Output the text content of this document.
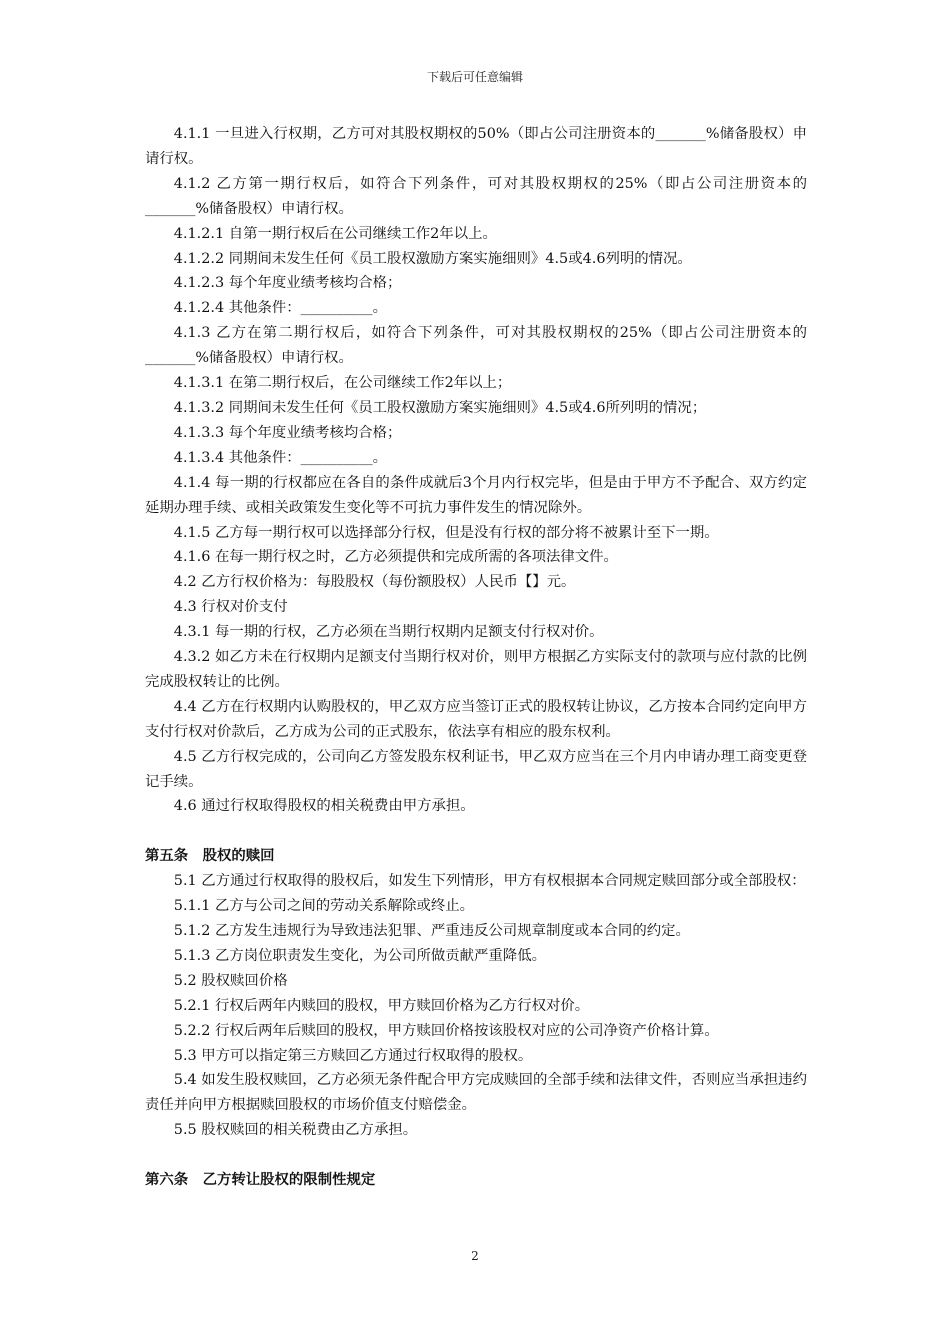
下载后可任意编辑

4.1.1 一旦进入行权期，乙方可对其股权期权的50%（即占公司注册资本的_______%储备股权）申请行权。

4.1.2 乙方第一期行权后，如符合下列条件，可对其股权期权的25%（即占公司注册资本的_______%储备股权）申请行权。

4.1.2.1 自第一期行权后在公司继续工作2年以上。

4.1.2.2 同期间未发生任何《员工股权激励方案实施细则》4.5或4.6列明的情况。

4.1.2.3 每个年度业绩考核均合格；

4.1.2.4 其他条件：__________。

4.1.3 乙方在第二期行权后，如符合下列条件，可对其股权期权的25%（即占公司注册资本的_______%储备股权）申请行权。

4.1.3.1 在第二期行权后，在公司继续工作2年以上；

4.1.3.2 同期间未发生任何《员工股权激励方案实施细则》4.5或4.6所列明的情况；

4.1.3.3 每个年度业绩考核均合格；

4.1.3.4 其他条件：__________。

4.1.4 每一期的行权都应在各自的条件成就后3个月内行权完毕，但是由于甲方不予配合、双方约定延期办理手续、或相关政策发生变化等不可抗力事件发生的情况除外。

4.1.5 乙方每一期行权可以选择部分行权，但是没有行权的部分将不被累计至下一期。

4.1.6 在每一期行权之时，乙方必须提供和完成所需的各项法律文件。

4.2 乙方行权价格为：每股股权（每份额股权）人民币【】元。

4.3 行权对价支付

4.3.1 每一期的行权，乙方必须在当期行权期内足额支付行权对价。

4.3.2 如乙方未在行权期内足额支付当期行权对价，则甲方根据乙方实际支付的款项与应付款的比例完成股权转让的比例。

4.4 乙方在行权期内认购股权的，甲乙双方应当签订正式的股权转让协议，乙方按本合同约定向甲方支付行权对价款后，乙方成为公司的正式股东，依法享有相应的股东权利。

4.5 乙方行权完成的，公司向乙方签发股东权利证书，甲乙双方应当在三个月内申请办理工商变更登记手续。

4.6 通过行权取得股权的相关税费由甲方承担。

第五条　股权的赎回

5.1 乙方通过行权取得的股权后，如发生下列情形，甲方有权根据本合同规定赎回部分或全部股权：

5.1.1 乙方与公司之间的劳动关系解除或终止。

5.1.2 乙方发生违规行为导致违法犯罪、严重违反公司规章制度或本合同的约定。

5.1.3 乙方岗位职责发生变化，为公司所做贡献严重降低。

5.2 股权赎回价格

5.2.1 行权后两年内赎回的股权，甲方赎回价格为乙方行权对价。

5.2.2 行权后两年后赎回的股权，甲方赎回价格按该股权对应的公司净资产价格计算。

5.3 甲方可以指定第三方赎回乙方通过行权取得的股权。

5.4 如发生股权赎回，乙方必须无条件配合甲方完成赎回的全部手续和法律文件，否则应当承担违约责任并向甲方根据赎回股权的市场价值支付赔偿金。

5.5 股权赎回的相关税费由乙方承担。

第六条　乙方转让股权的限制性规定

2
